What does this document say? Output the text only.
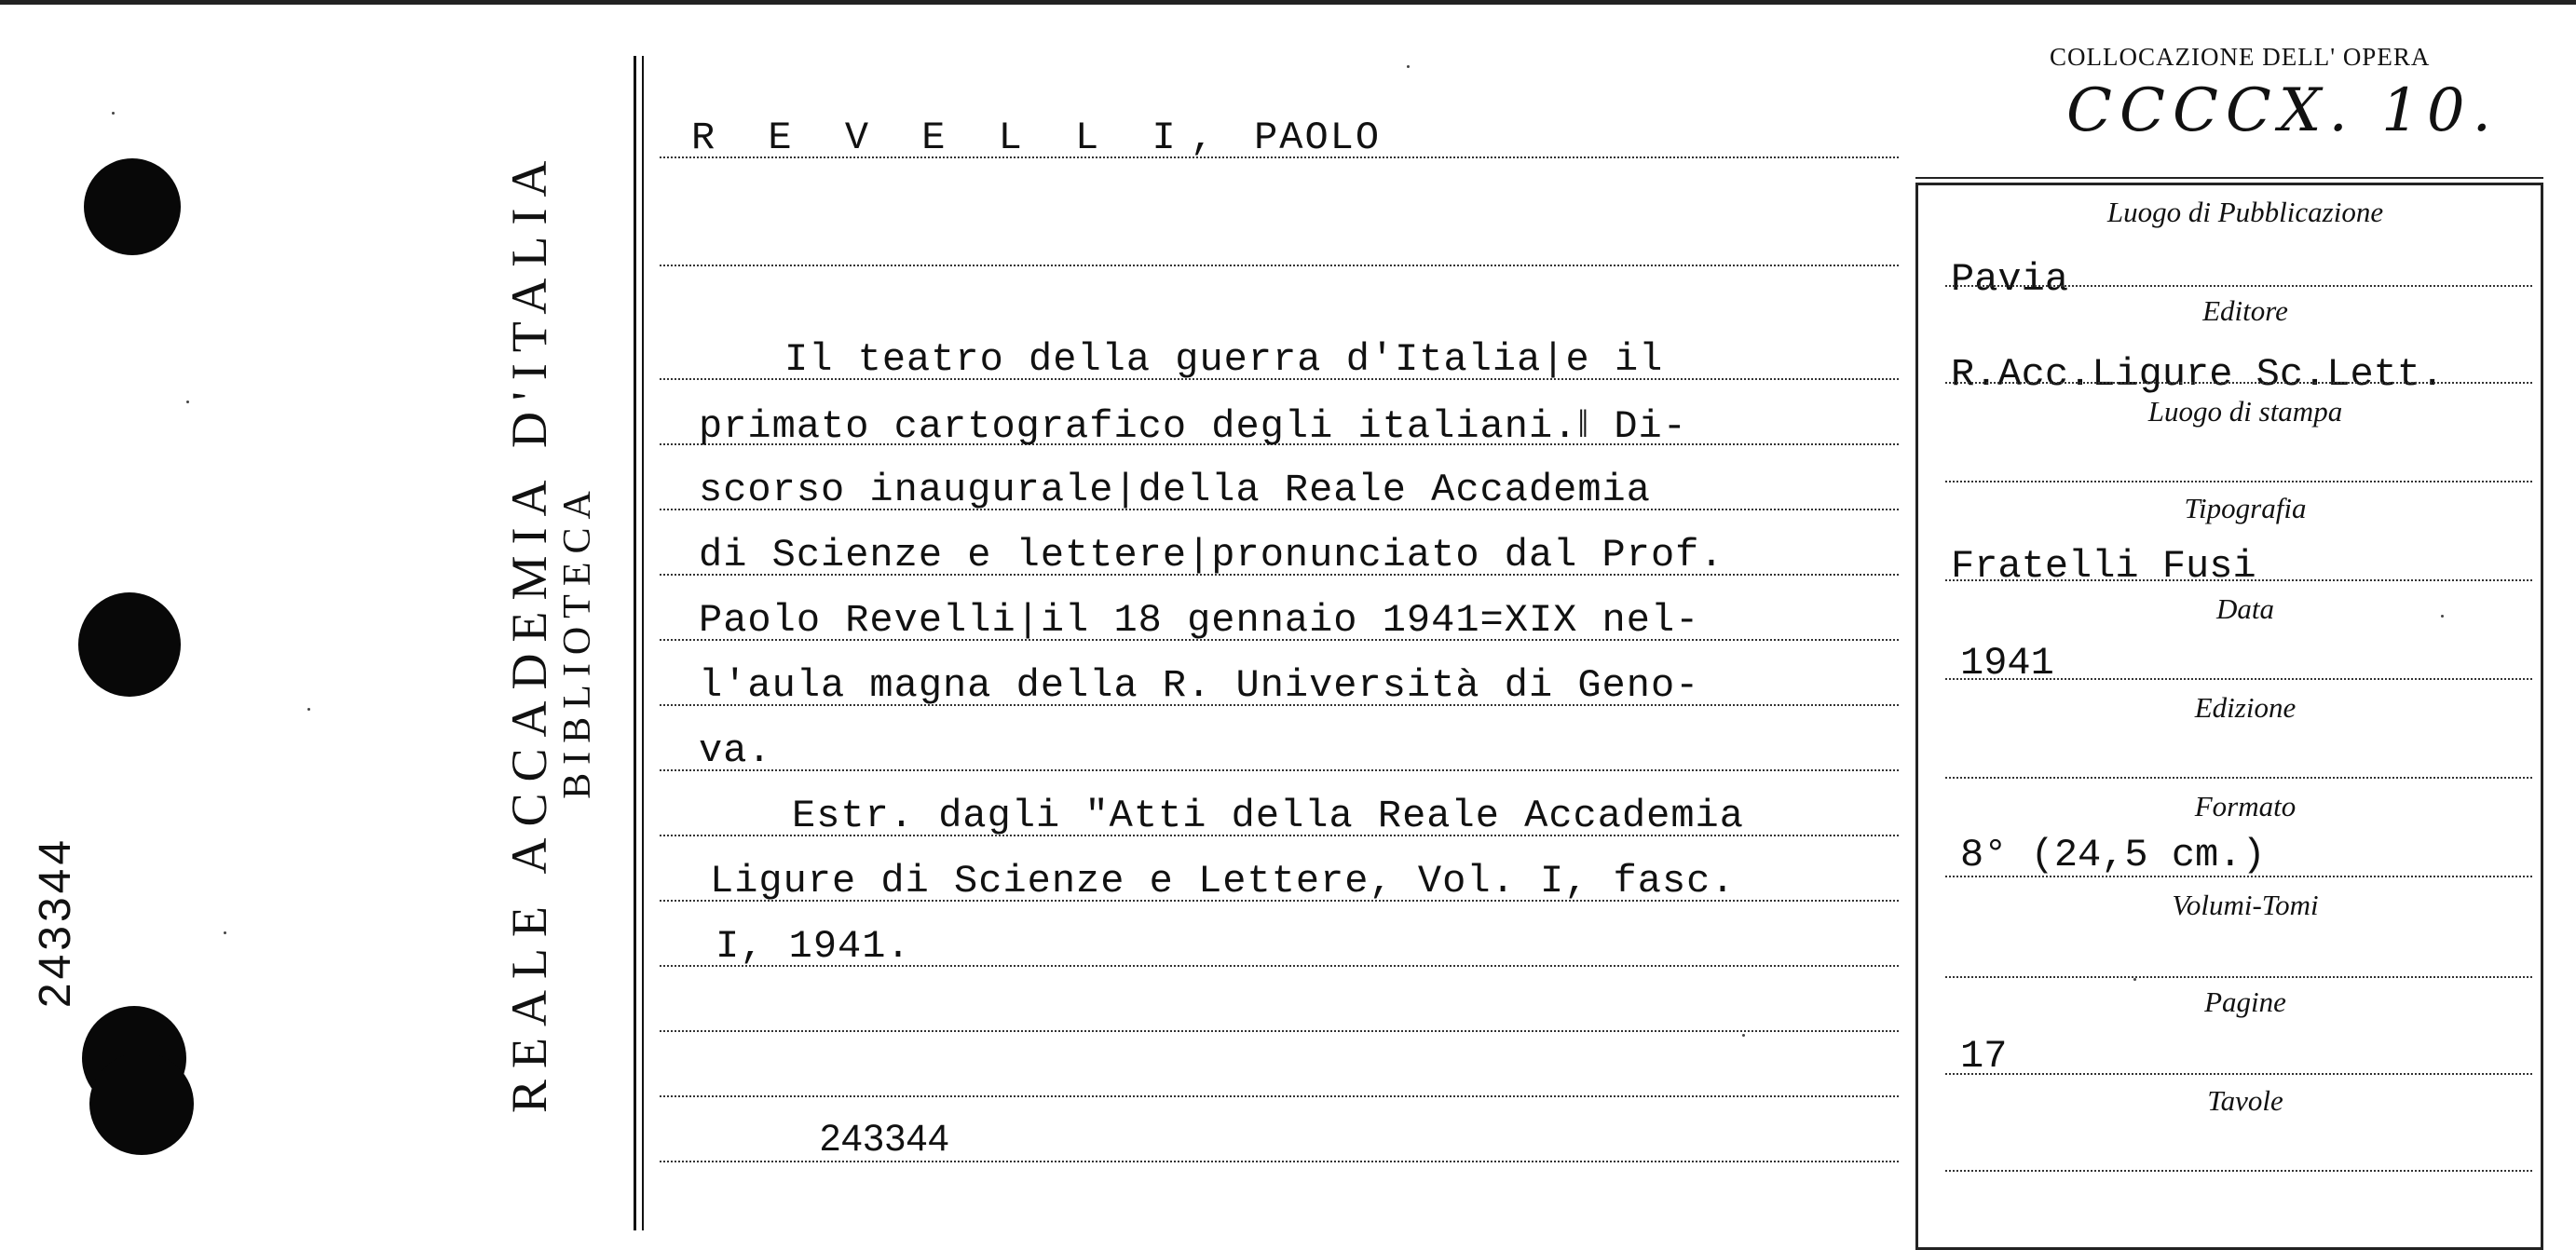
243344	REALE ACCADEMIA D'ITALIA BIBLIOTECA
COLLOCAZIONE DELL' OPERA
CCCCX. 10.
R E V E L L I, PAOLO
Il teatro della guerra d'Italia|e il
primato cartografico degli italiani.‖ Di-
scorso inaugurale|della Reale Accademia
di Scienze e lettere|pronunciato dal Prof.
Paolo Revelli|il 18 gennaio 1941=XIX nel-
l'aula magna della R. Università di Geno-
va.
Estr. dagli "Atti della Reale Accademia
Ligure di Scienze e Lettere, Vol. I, fasc.
I, 1941.
243344
Luogo di Pubblicazione
Pavia
Editore
R.Acc.Ligure Sc.Lett.
Luogo di stampa
Tipografia
Fratelli Fusi
Data
1941
Edizione
Formato
8° (24,5 cm.)
Volumi-Tomi
Pagine
17
Tavole
